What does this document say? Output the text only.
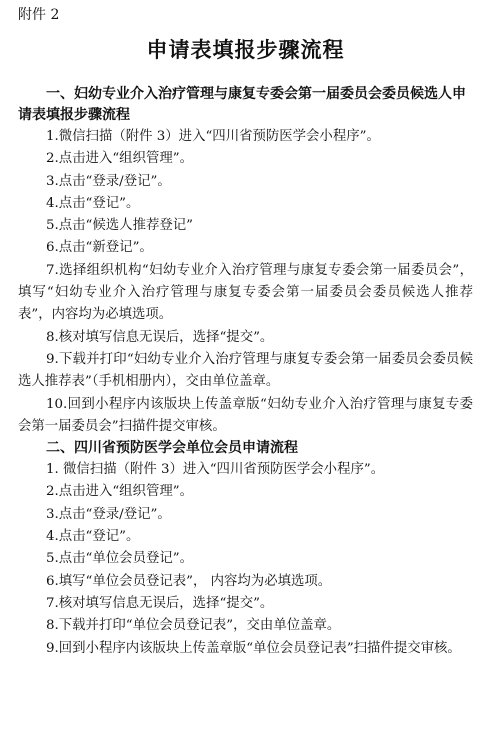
附件 2

申请表填报步骤流程

一、妇幼专业介入治疗管理与康复专委会第一届委员会委员候选人申请表填报步骤流程

1.微信扫描（附件 3）进入“四川省预防医学会小程序”。

2.点击进入“组织管理”。

3.点击“登录/登记”。

4.点击“登记”。

5.点击“候选人推荐登记”

6.点击“新登记”。

7.选择组织机构“妇幼专业介入治疗管理与康复专委会第一届委员会”，填写“妇幼专业介入治疗管理与康复专委会第一届委员会委员候选人推荐表”，内容均为必填选项。

8.核对填写信息无误后，选择“提交”。

9.下载并打印“妇幼专业介入治疗管理与康复专委会第一届委员会委员候选人推荐表”（手机相册内），交由单位盖章。

10.回到小程序内该版块上传盖章版“妇幼专业介入治疗管理与康复专委会第一届委员会”扫描件提交审核。

二、四川省预防医学会单位会员申请流程

1. 微信扫描（附件 3）进入“四川省预防医学会小程序”。

2.点击进入“组织管理”。

3.点击“登录/登记”。

4.点击“登记”。

5.点击“单位会员登记”。

6.填写“单位会员登记表”， 内容均为必填选项。

7.核对填写信息无误后，选择“提交”。

8.下载并打印“单位会员登记表”，交由单位盖章。

9.回到小程序内该版块上传盖章版“单位会员登记表”扫描件提交审核。
